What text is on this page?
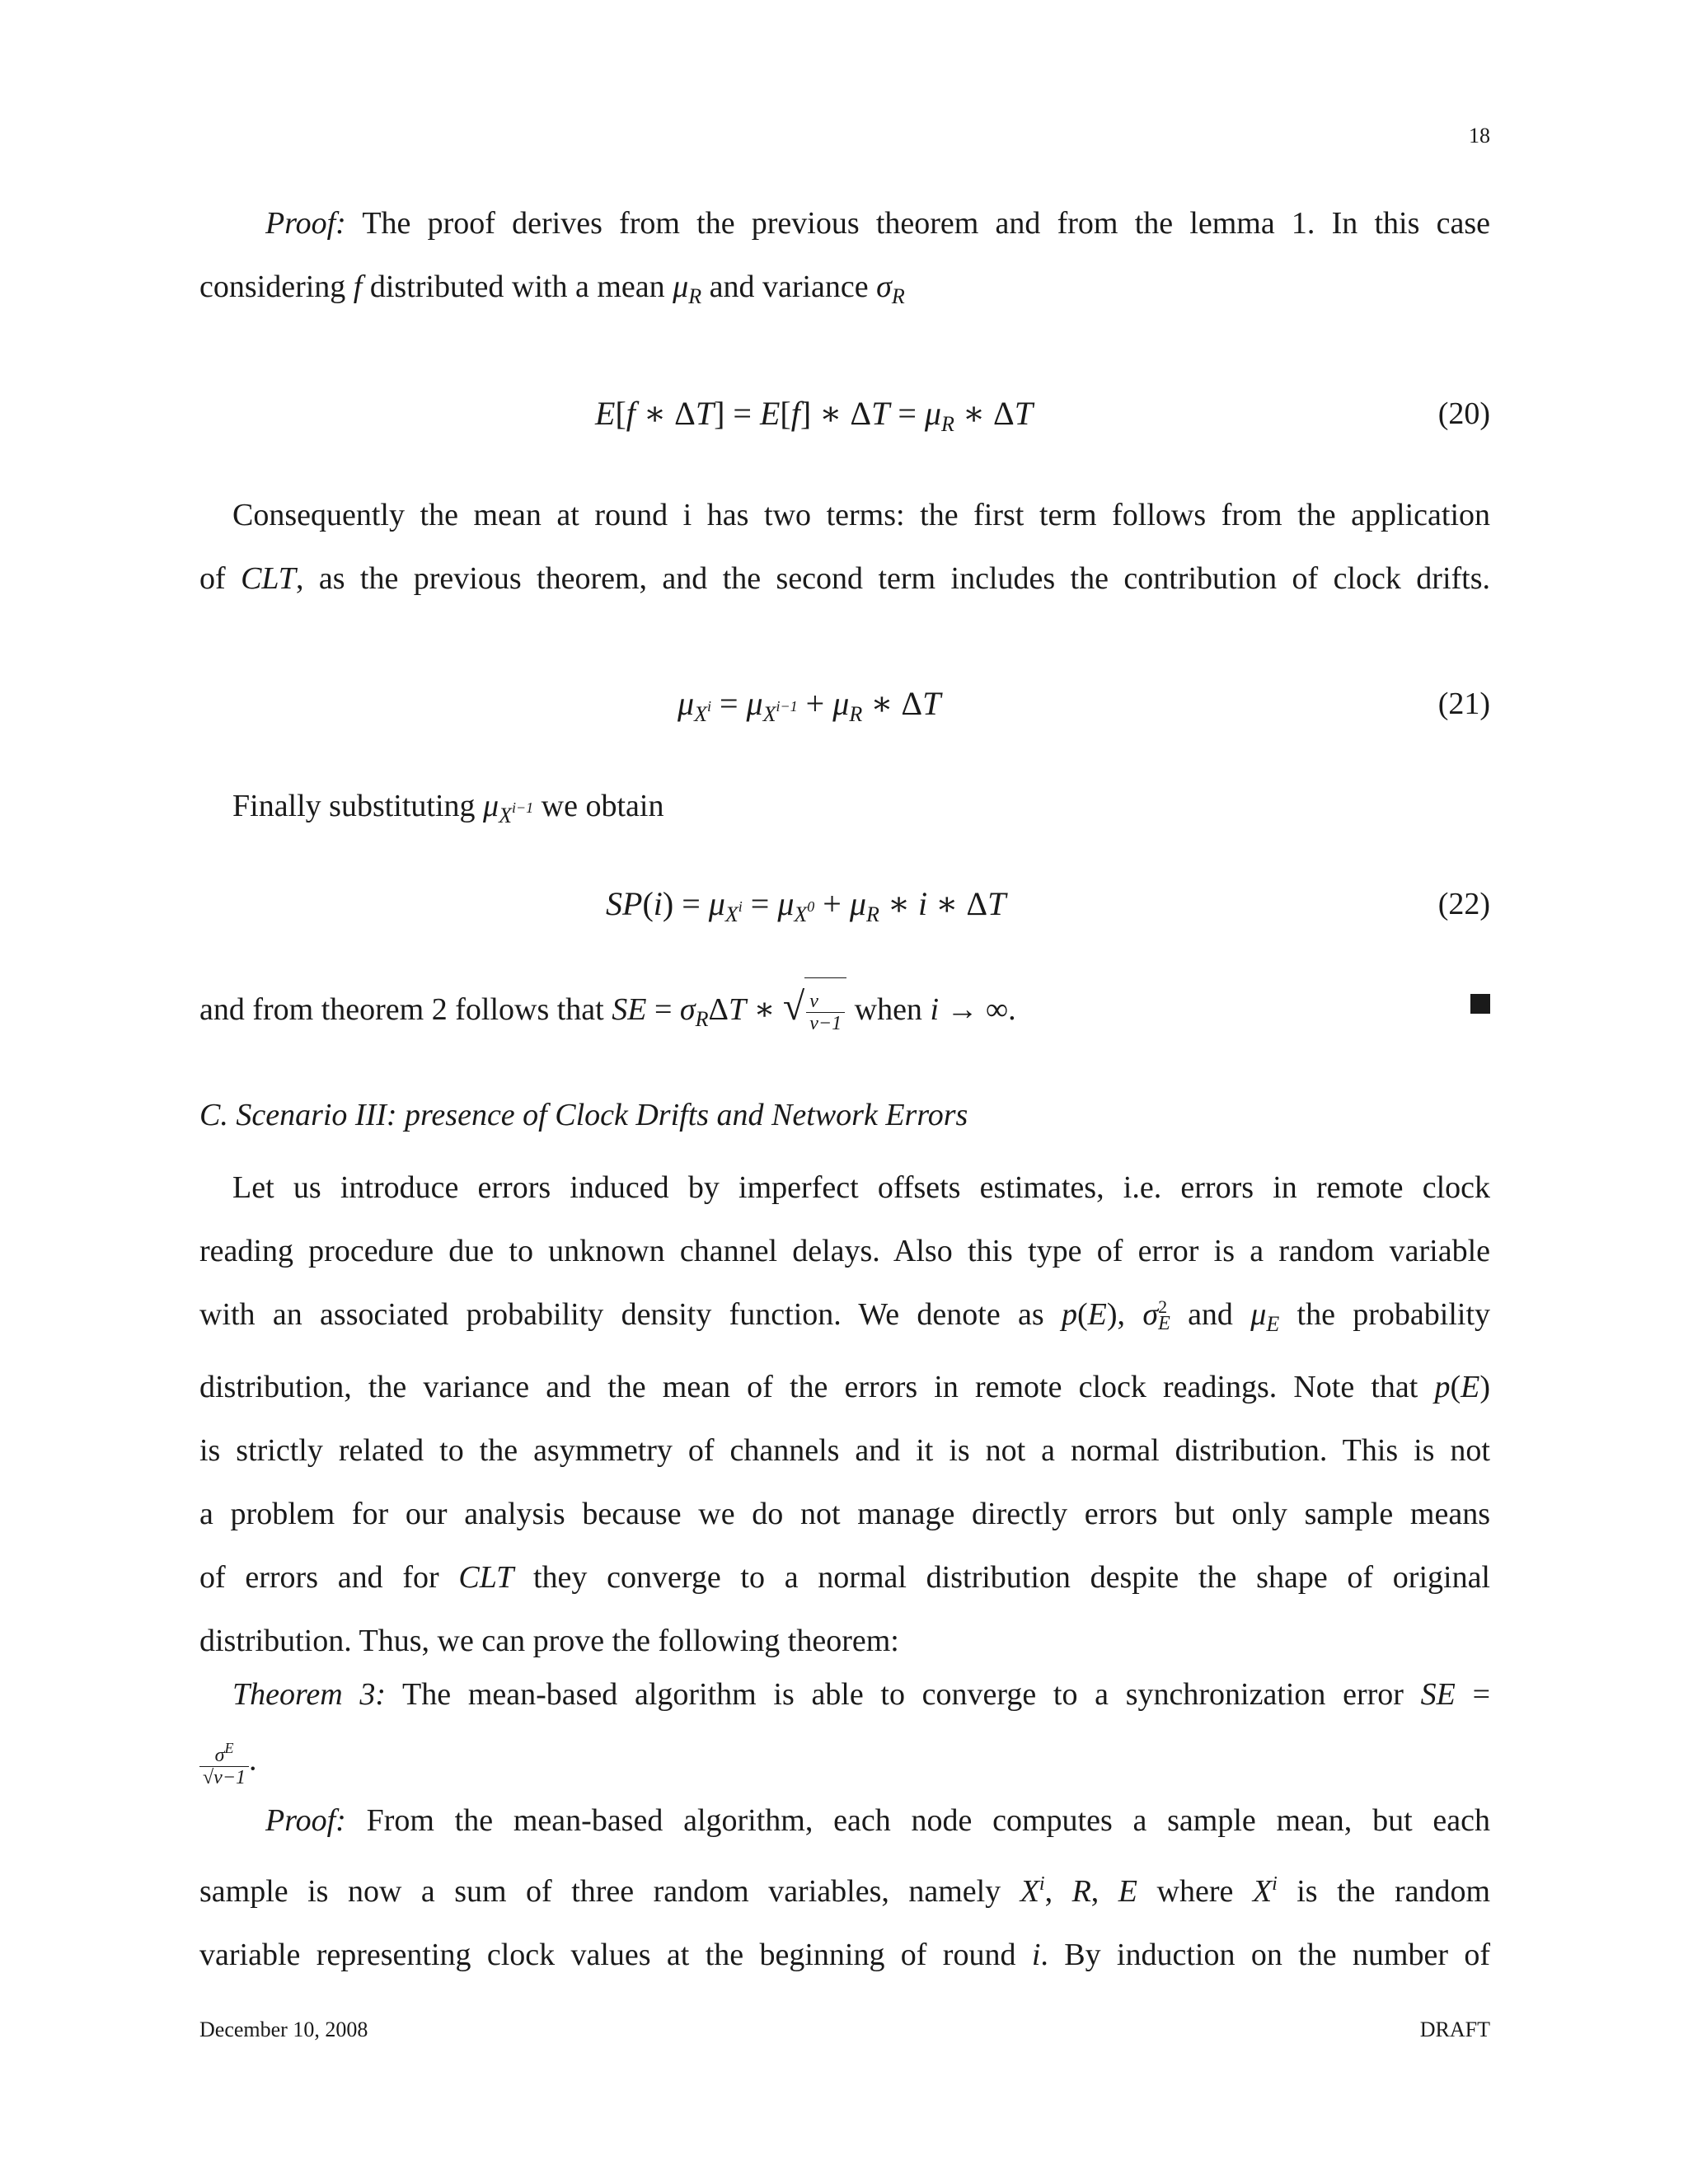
18
Proof: The proof derives from the previous theorem and from the lemma 1. In this case
considering f distributed with a mean $\mu_R$ and variance $\sigma_R$
E[f ∗ ΔT] = E[f] ∗ $\Delta T = \mu_R$ ∗ ΔT	(20)
Consequently the mean at round i has two terms: the first term follows from the application
of CLT, as the previous theorem, and the second term includes the contribution of clock drifts.
$\mu_{X^i} = \mu_{X^{i-1}} + \mu_R$ ∗ ΔT	(21)
Finally substituting $\mu_{X^{i-1}}$ we obtain
$SP(i) = \mu_{X^i} = \mu_{X^0} + \mu_R$ ∗ i ∗ ΔT	(22)
and from theorem 2 follows that SE = $\sigma_R\Delta T$ ∗ √ $\frac{v}{v-1}$ when i → ∞.
C. Scenario III: presence of Clock Drifts and Network Errors
Let us introduce errors induced by imperfect offsets estimates, i.e. errors in remote clock
reading procedure due to unknown channel delays. Also this type of error is a random variable
with an associated probability density function. We denote as p(E), σ 2
E and $\mu_E$ the probability
distribution, the variance and the mean of the errors in remote clock readings. Note that p(E)
is strictly related to the asymmetry of channels and it is not a normal distribution. This is not
a problem for our analysis because we do not manage directly errors but only sample means
of errors and for CLT they converge to a normal distribution despite the shape of original
distribution. Thus, we can prove the following theorem:
Theorem 3: The mean-based algorithm is able to converge to a synchronization error SE =
$\frac{\sigma^E}{√v-1}$ .
Proof: From the mean-based algorithm, each node computes a sample mean, but each
sample is now a sum of three random variables, namely $X^i$, R, E where $X^i$ is the random
variable representing clock values at the beginning of round i. By induction on the number of
December 10, 2008	DRAFT
